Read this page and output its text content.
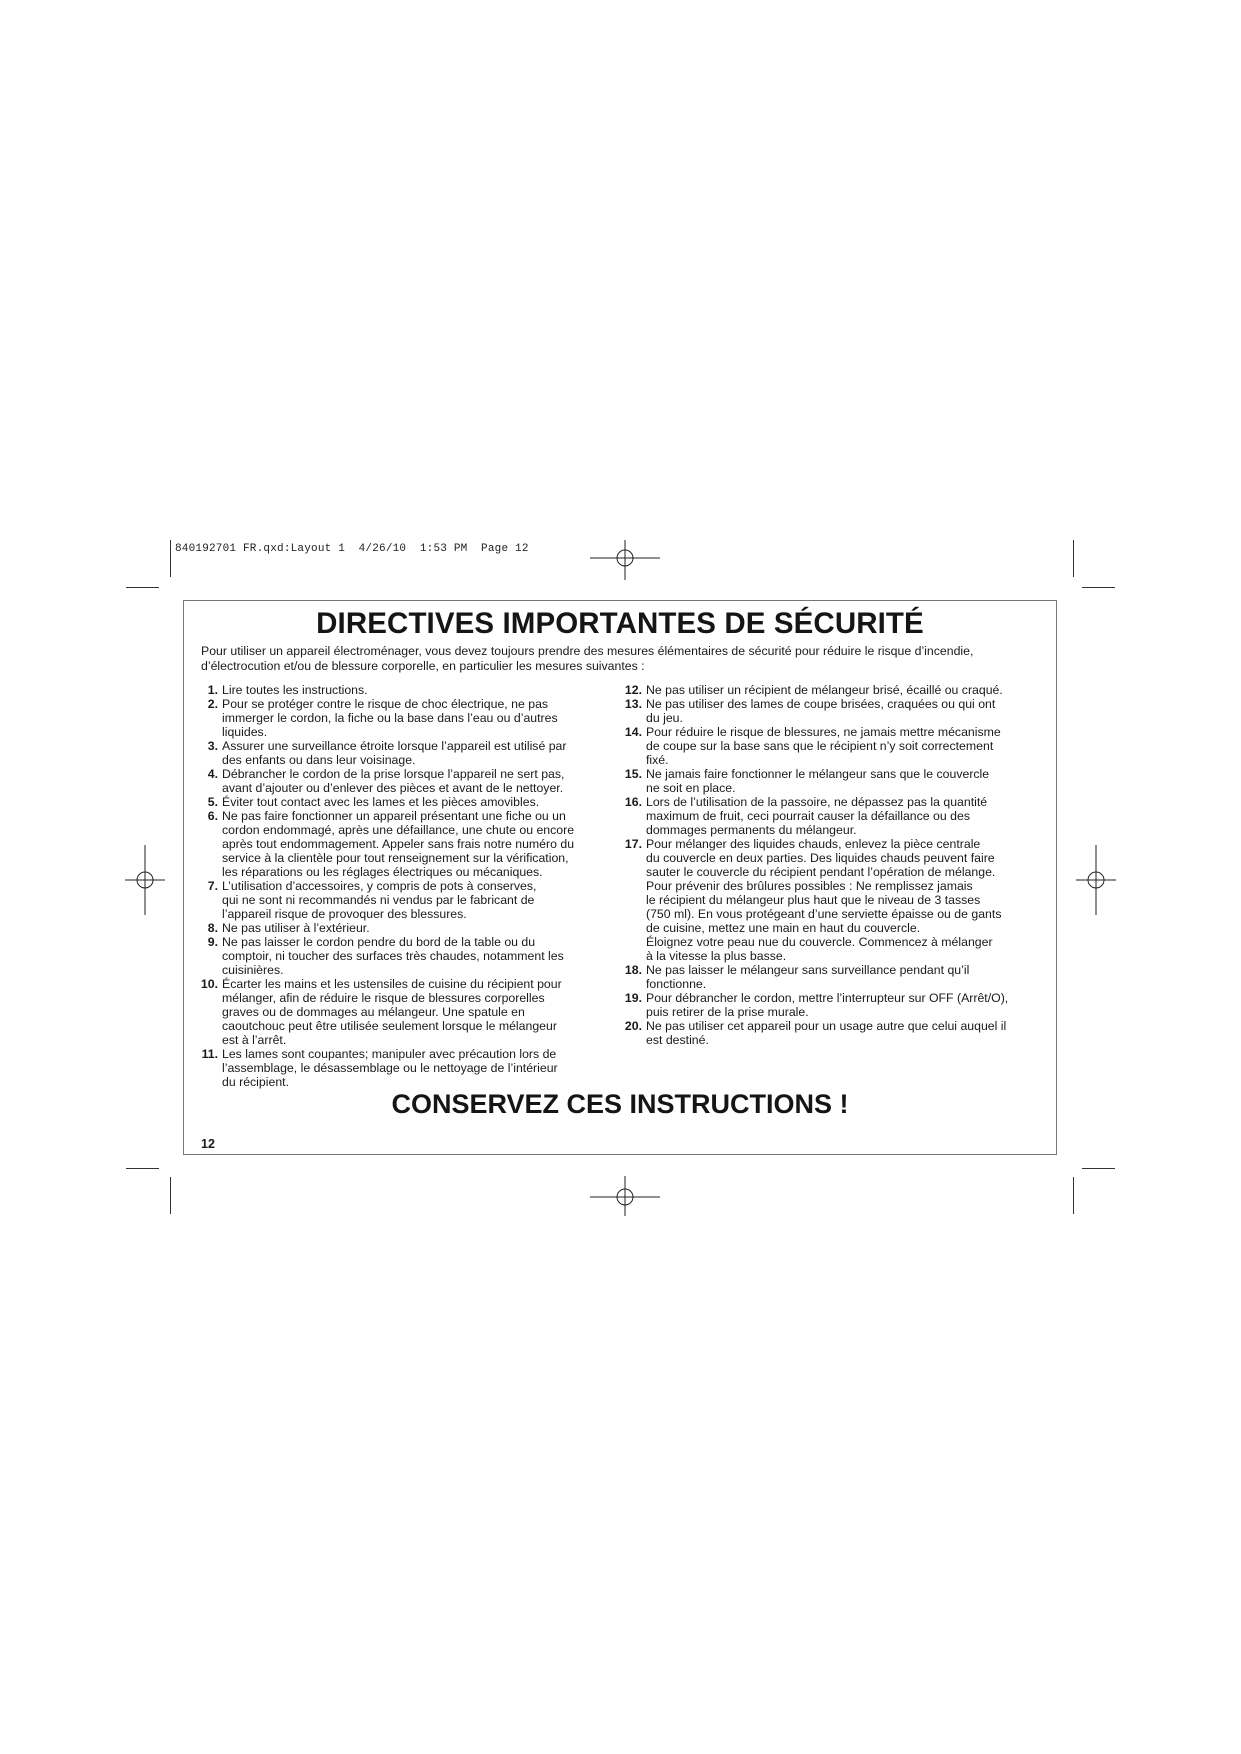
840192701 FR.qxd:Layout 1  4/26/10  1:53 PM  Page 12
DIRECTIVES IMPORTANTES DE SÉCURITÉ
Pour utiliser un appareil électroménager, vous devez toujours prendre des mesures élémentaires de sécurité pour réduire le risque d’incendie, d’électrocution et/ou de blessure corporelle, en particulier les mesures suivantes :
1. Lire toutes les instructions.
2. Pour se protéger contre le risque de choc électrique, ne pas
immerger le cordon, la fiche ou la base dans l’eau ou d’autres
liquides.
3. Assurer une surveillance étroite lorsque l’appareil est utilisé par
des enfants ou dans leur voisinage.
4. Débrancher le cordon de la prise lorsque l’appareil ne sert pas,
avant d’ajouter ou d’enlever des pièces et avant de le nettoyer.
5. Éviter tout contact avec les lames et les pièces amovibles.
6. Ne pas faire fonctionner un appareil présentant une fiche ou un
cordon endommagé, après une défaillance, une chute ou encore
après tout endommagement. Appeler sans frais notre numéro du
service à la clientèle pour tout renseignement sur la vérification,
les réparations ou les réglages électriques ou mécaniques.
7. L’utilisation d’accessoires, y compris de pots à conserves,
qui ne sont ni recommandés ni vendus par le fabricant de
l’appareil risque de provoquer des blessures.
8. Ne pas utiliser à l’extérieur.
9. Ne pas laisser le cordon pendre du bord de la table ou du
comptoir, ni toucher des surfaces très chaudes, notamment les
cuisinières.
10. Écarter les mains et les ustensiles de cuisine du récipient pour
mélanger, afin de réduire le risque de blessures corporelles
graves ou de dommages au mélangeur. Une spatule en
caoutchouc peut être utilisée seulement lorsque le mélangeur
est à l’arrêt.
11. Les lames sont coupantes; manipuler avec précaution lors de
l’assemblage, le désassemblage ou le nettoyage de l’intérieur
du récipient.
12. Ne pas utiliser un récipient de mélangeur brisé, écaillé ou craqué.
13. Ne pas utiliser des lames de coupe brisées, craquées ou qui ont
du jeu.
14. Pour réduire le risque de blessures, ne jamais mettre mécanisme
de coupe sur la base sans que le récipient n’y soit correctement
fixé.
15. Ne jamais faire fonctionner le mélangeur sans que le couvercle
ne soit en place.
16. Lors de l’utilisation de la passoire, ne dépassez pas la quantité
maximum de fruit, ceci pourrait causer la défaillance ou des
dommages permanents du mélangeur.
17. Pour mélanger des liquides chauds, enlevez la pièce centrale
du couvercle en deux parties. Des liquides chauds peuvent faire
sauter le couvercle du récipient pendant l’opération de mélange.
Pour prévenir des brûlures possibles : Ne remplissez jamais
le récipient du mélangeur plus haut que le niveau de 3 tasses
(750 ml). En vous protégeant d’une serviette épaisse ou de gants
de cuisine, mettez une main en haut du couvercle.
Éloignez votre peau nue du couvercle. Commencez à mélanger
à la vitesse la plus basse.
18. Ne pas laisser le mélangeur sans surveillance pendant qu’il
fonctionne.
19. Pour débrancher le cordon, mettre l’interrupteur sur OFF (Arrêt/O),
puis retirer de la prise murale.
20. Ne pas utiliser cet appareil pour un usage autre que celui auquel il
est destiné.
CONSERVEZ CES INSTRUCTIONS !
12
